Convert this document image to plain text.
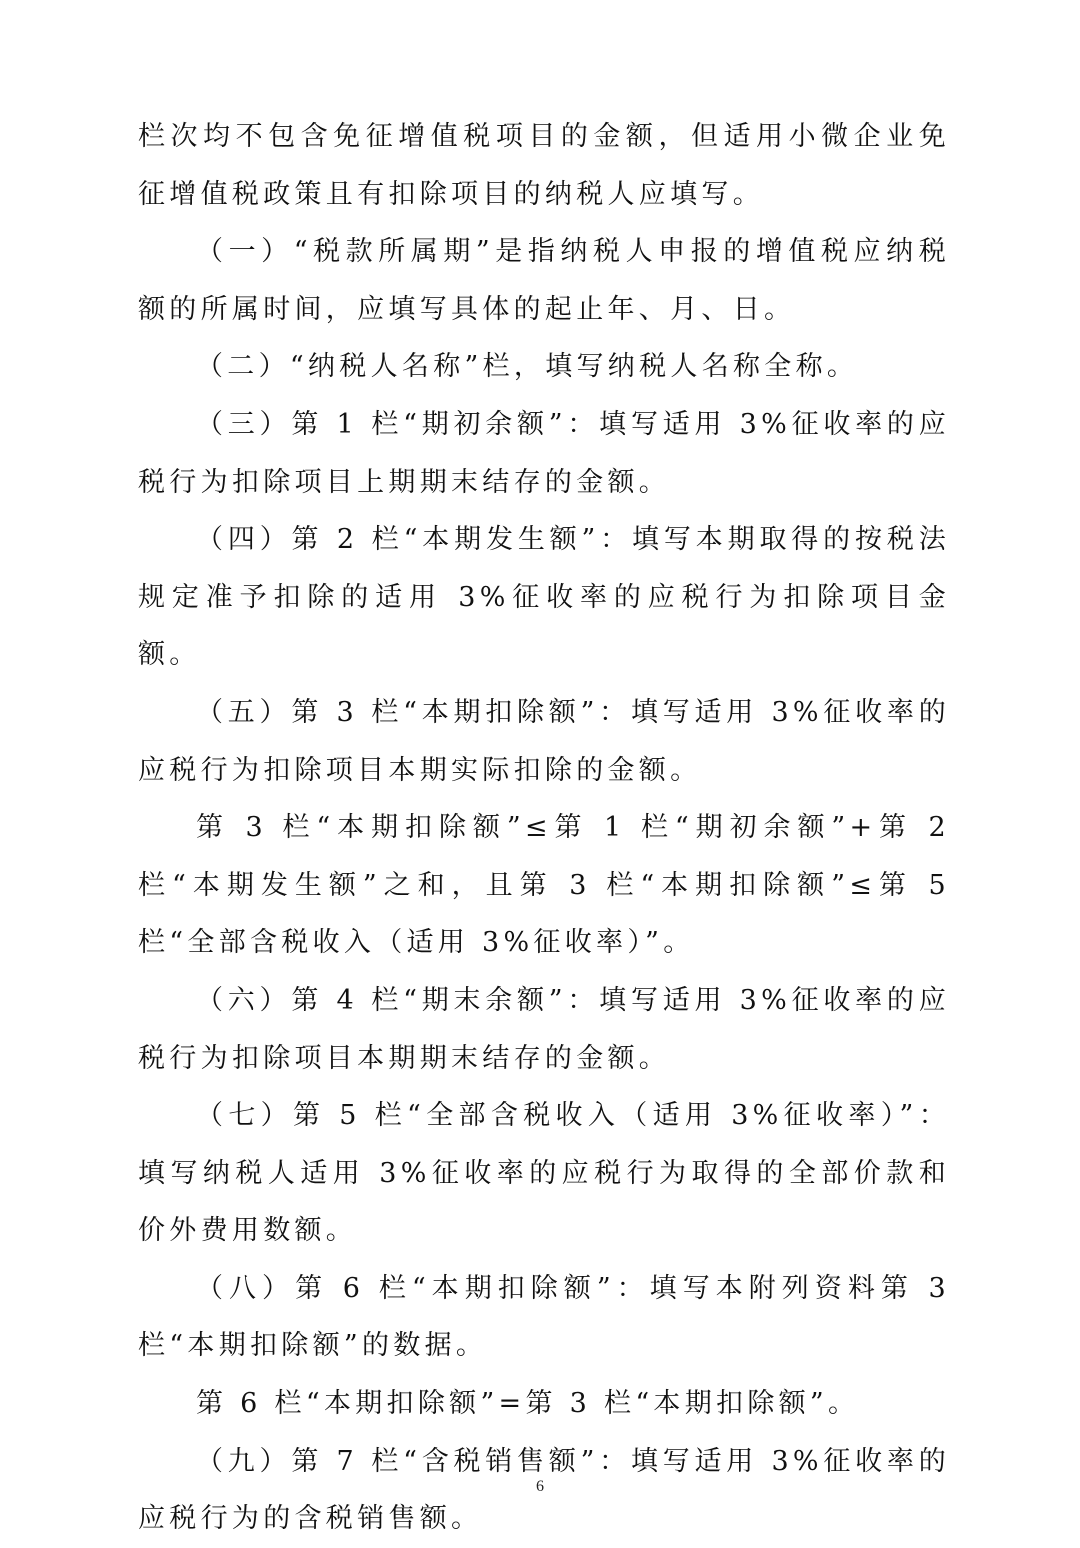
栏次均不包含免征增值税项目的金额，但适用小微企业免征增值税政策且有扣除项目的纳税人应填写。

（一）“税款所属期”是指纳税人申报的增值税应纳税额的所属时间，应填写具体的起止年、月、日。

（二）“纳税人名称”栏，填写纳税人名称全称。

（三）第 1 栏“期初余额”：填写适用 3%征收率的应税行为扣除项目上期期末结存的金额。

（四）第 2 栏“本期发生额”：填写本期取得的按税法规定准予扣除的适用 3%征收率的应税行为扣除项目金额。

（五）第 3 栏“本期扣除额”：填写适用 3%征收率的应税行为扣除项目本期实际扣除的金额。

第 3 栏“本期扣除额”≤第 1 栏“期初余额”+第 2 栏“本期发生额”之和，且第 3 栏“本期扣除额”≤第 5 栏“全部含税收入（适用 3%征收率）”。

（六）第 4 栏“期末余额”：填写适用 3%征收率的应税行为扣除项目本期期末结存的金额。

（七）第 5 栏“全部含税收入（适用 3%征收率）”：填写纳税人适用 3%征收率的应税行为取得的全部价款和价外费用数额。

（八）第 6 栏“本期扣除额”：填写本附列资料第 3 栏“本期扣除额”的数据。

第 6 栏“本期扣除额”=第 3 栏“本期扣除额”。

（九）第 7 栏“含税销售额”：填写适用 3%征收率的应税行为的含税销售额。

6
